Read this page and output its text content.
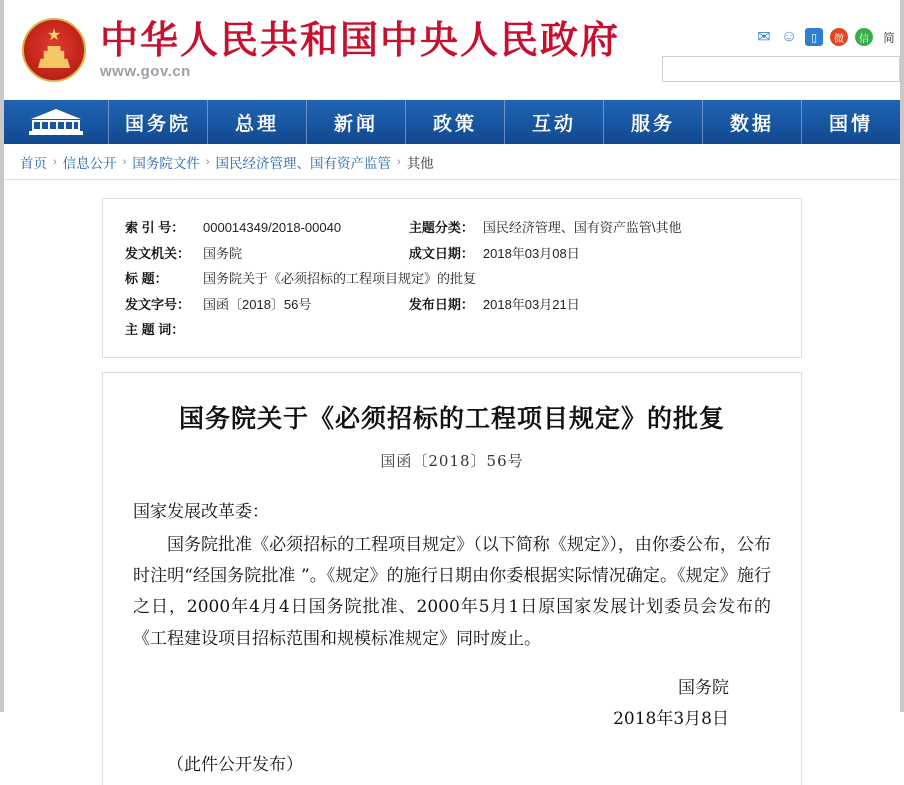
★
中华人民共和国中央人民政府
www.gov.cn
✉ ☺	▯	微	信	简
国务院	总理	新闻	政策	互动	服务	数据	国情
首页 › 信息公开 › 国务院文件 › 国民经济管理、国有资产监管 › 其他
索 引 号：	000014349/2018-00040	主题分类：	国民经济管理、国有资产监管\其他
发文机关：	国务院	成文日期：	2018年03月08日
标 题：	国务院关于《必须招标的工程项目规定》的批复		
发文字号：	国函〔2018〕56号	发布日期：	2018年03月21日
主 题 词：			
国务院关于《必须招标的工程项目规定》的批复
国函〔2018〕56号
国家发展改革委：
国务院批准《必须招标的工程项目规定》（以下简称《规定》），由你委公布，公布时注明“经国务院批准 ”。《规定》的施行日期由你委根据实际情况确定。《规定》施行之日，2000年4月4日国务院批准、2000年5月1日原国家发展计划委员会发布的《工程建设项目招标范围和规模标准规定》同时废止。
国务院
2018年3月8日
（此件公开发布）
